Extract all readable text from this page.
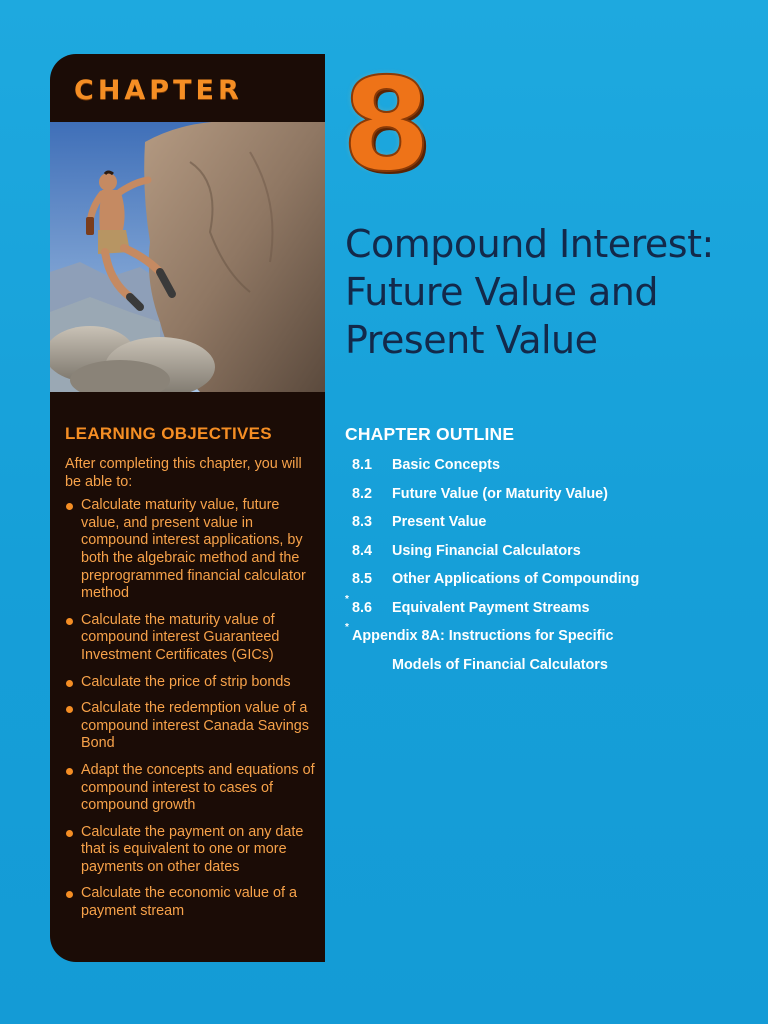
CHAPTER
LEARNING OBJECTIVES
After completing this chapter, you will be able to:
Calculate maturity value, future value, and present value in compound interest applications, by both the algebraic method and the preprogrammed financial calculator method
Calculate the maturity value of compound interest Guaranteed Investment Certificates (GICs)
Calculate the price of strip bonds
Calculate the redemption value of a compound interest Canada Savings Bond
Adapt the concepts and equations of compound interest to cases of compound growth
Calculate the payment on any date that is equivalent to one or more payments on other dates
Calculate the economic value of a payment stream
8
Compound Interest:
Future Value and
Present Value
CHAPTER OUTLINE
8.1 Basic Concepts
8.2 Future Value (or Maturity Value)
8.3 Present Value
8.4 Using Financial Calculators
8.5 Other Applications of Compounding
*
8.6 Equivalent Payment Streams
*
Appendix 8A: Instructions for Specific
Models of Financial Calculators
